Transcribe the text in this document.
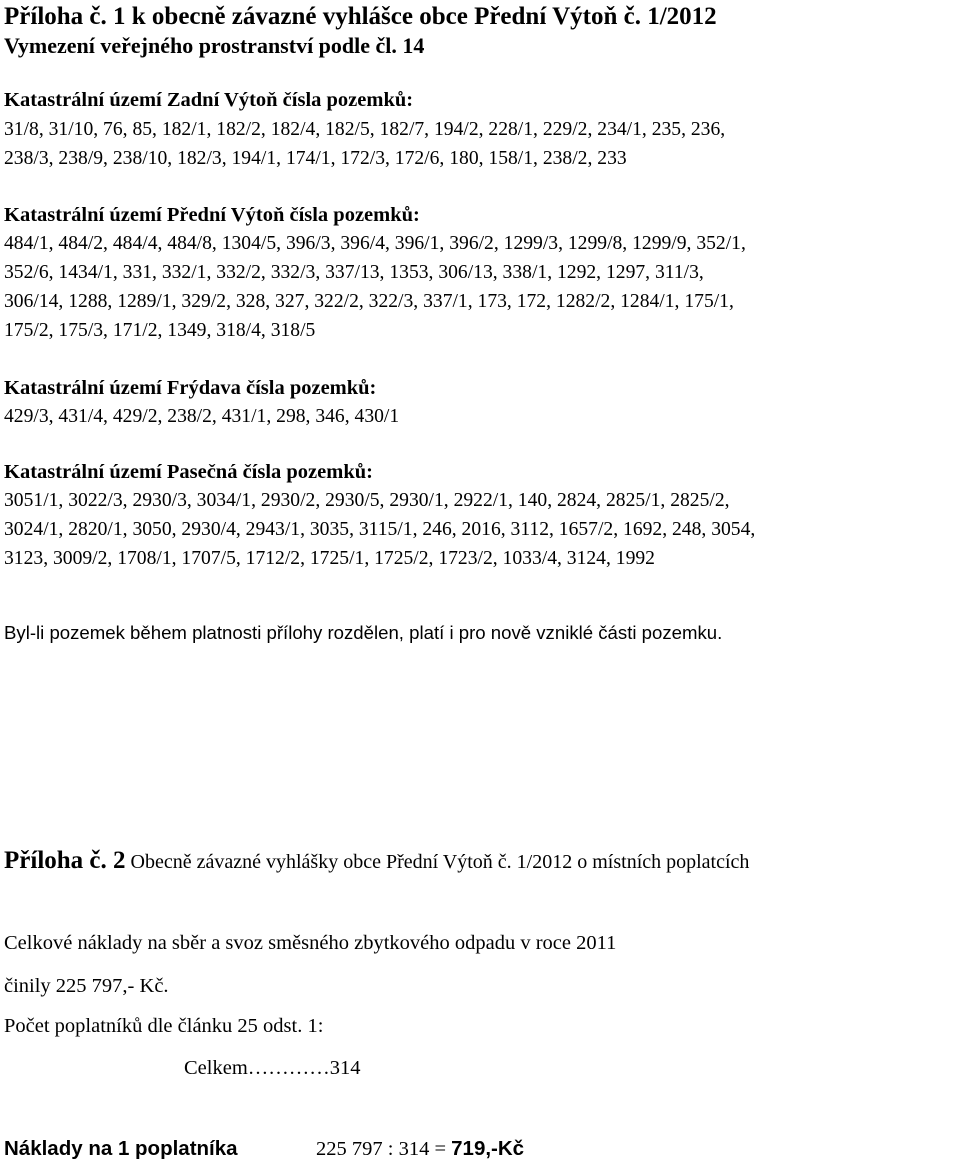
Příloha č. 1 k obecně závazné vyhlášce obce Přední Výtoň č. 1/2012
Vymezení veřejného prostranství podle čl. 14
Katastrální území Zadní Výtoň čísla pozemků:
31/8, 31/10, 76, 85, 182/1, 182/2, 182/4, 182/5, 182/7, 194/2, 228/1, 229/2, 234/1, 235, 236,
238/3, 238/9, 238/10, 182/3, 194/1, 174/1, 172/3, 172/6, 180, 158/1, 238/2, 233
Katastrální území Přední Výtoň čísla pozemků:
484/1, 484/2, 484/4, 484/8, 1304/5, 396/3, 396/4, 396/1, 396/2, 1299/3, 1299/8, 1299/9, 352/1,
352/6, 1434/1, 331, 332/1, 332/2, 332/3, 337/13, 1353, 306/13, 338/1, 1292, 1297, 311/3,
306/14, 1288, 1289/1, 329/2, 328, 327, 322/2, 322/3, 337/1, 173, 172, 1282/2, 1284/1, 175/1,
175/2, 175/3, 171/2, 1349, 318/4, 318/5
Katastrální území Frýdava čísla pozemků:
429/3, 431/4, 429/2, 238/2, 431/1, 298, 346, 430/1
Katastrální území Pasečná čísla pozemků:
3051/1, 3022/3, 2930/3, 3034/1, 2930/2, 2930/5, 2930/1, 2922/1, 140, 2824, 2825/1, 2825/2,
3024/1, 2820/1, 3050, 2930/4, 2943/1, 3035, 3115/1, 246, 2016, 3112, 1657/2, 1692, 248, 3054,
3123, 3009/2, 1708/1, 1707/5, 1712/2, 1725/1, 1725/2, 1723/2, 1033/4, 3124, 1992
Byl-li pozemek během platnosti přílohy rozdělen, platí i pro nově vzniklé části pozemku.
Příloha č. 2 Obecně závazné vyhlášky obce Přední Výtoň č. 1/2012 o místních poplatcích
Celkové náklady na sběr a svoz směsného zbytkového odpadu v roce 2011
činily 225 797,- Kč.
Počet poplatníků dle článku 25 odst. 1:
Celkem…………314
Náklady na 1 poplatníka	225 797 : 314 = 719,-Kč
